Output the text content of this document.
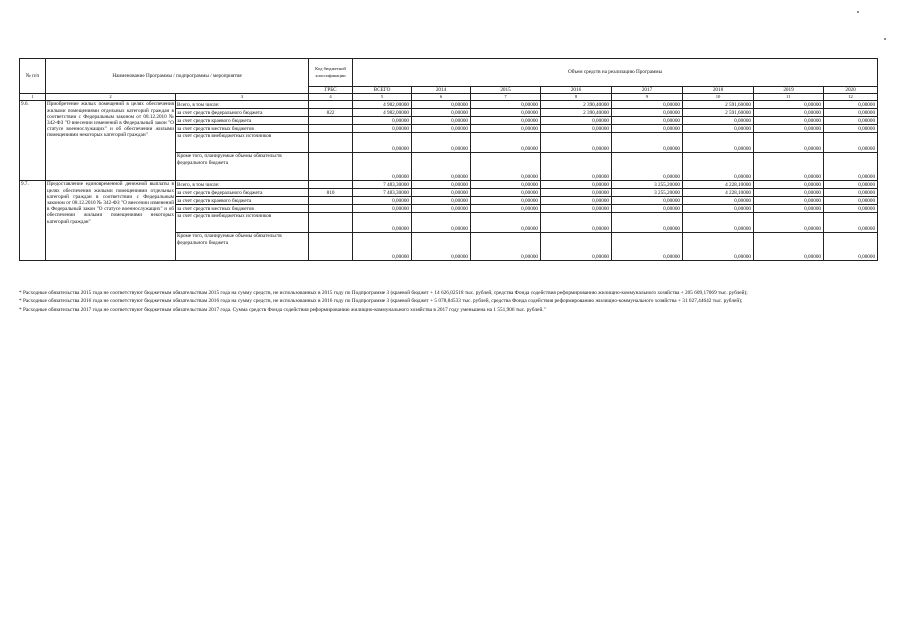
№ п/п	Наименование Программы / подпрограммы / мероприятия		Код бюджетной классификации	Объем средств на реализацию Программы							
			ГРБС	ВСЕГО	2014	2015	2016	2017	2018	2019	2020
1	2	3	4	5	6	7	8	9	10	11	12
9.6.	Приобретение жилых помещений в целях обеспечения жилыми помещениями отдельных категорий граждан в соответствии с Федеральным законом от 08.12.2010 № 342-ФЗ "О внесении изменений в Федеральный закон "О статусе военнослужащих" и об обеспечении жилыми помещениями некоторых категорий граждан"	Всего, в том числе:		4 982,00000	0,00000	0,00000	2 390,40000	0,00000	2 591,60000	0,00000	0,00000
		за счет средств федерального бюджета	822	4 982,00000	0,00000	0,00000	2 390,40000	0,00000	2 591,60000	0,00000	0,00000
		за счет средств краевого бюджета		0,00000	0,00000	0,00000	0,00000	0,00000	0,00000	0,00000	0,00000
		за счет средств местных бюджетов		0,00000	0,00000	0,00000	0,00000	0,00000	0,00000	0,00000	0,00000
		за счет средств внебюджетных источников		0,00000	0,00000	0,00000	0,00000	0,00000	0,00000	0,00000	0,00000
		Кроме того, планируемые объемы обязательств федерального бюджета		0,00000	0,00000	0,00000	0,00000	0,00000	0,00000	0,00000	0,00000
9.7.	Предоставление единовременной денежной выплаты в целях обеспечения жилыми помещениями отдельных категорий граждан в соответствии с Федеральным законом от 08.12.2010 № 342-ФЗ "О внесении изменений в Федеральный закон "О статусе военнослужащих" и об обеспечении жилыми помещениями некоторых категорий граждан"	Всего, в том числе:		7 483,30000	0,00000	0,00000	0,00000	3 255,20000	4 228,10000	0,00000	0,00000
		за счет средств федерального бюджета	810	7 483,30000	0,00000	0,00000	0,00000	3 255,20000	4 228,10000	0,00000	0,00000
		за счет средств краевого бюджета		0,00000	0,00000	0,00000	0,00000	0,00000	0,00000	0,00000	0,00000
		за счет средств местных бюджетов		0,00000	0,00000	0,00000	0,00000	0,00000	0,00000	0,00000	0,00000
		за счет средств внебюджетных источников		0,00000	0,00000	0,00000	0,00000	0,00000	0,00000	0,00000	0,00000
		Кроме того, планируемые объемы обязательств федерального бюджета		0,00000	0,00000	0,00000	0,00000	0,00000	0,00000	0,00000	0,00000

* Расходные обязательства 2015 года не соответствуют бюджетным обязательствам 2015 года на сумму средств, не использованных в 2015 году по Подпрограмме 3 (краевой бюджет + 14 626,02518 тыс. рублей, средства Фонда содействия реформированию жилищно-коммунального хозяйства + 205 609,17069 тыс. рублей);

* Расходные обязательства 2016 года не соответствуют бюджетным обязательствам 2016 года на сумму средств, не использованных в 2016 году по Подпрограмме 3 (краевой бюджет + 5 078,84533 тыс. рублей, средства Фонда содействия реформированию жилищно-коммунального хозяйства + 31 027,44642 тыс. рублей);

* Расходные обязательства 2017 года не соответствуют бюджетным обязательствам 2017 года. Сумма средств Фонда содействия реформированию жилищно-коммунального хозяйства в 2017 году уменьшена на 1 551,906 тыс. рублей."
